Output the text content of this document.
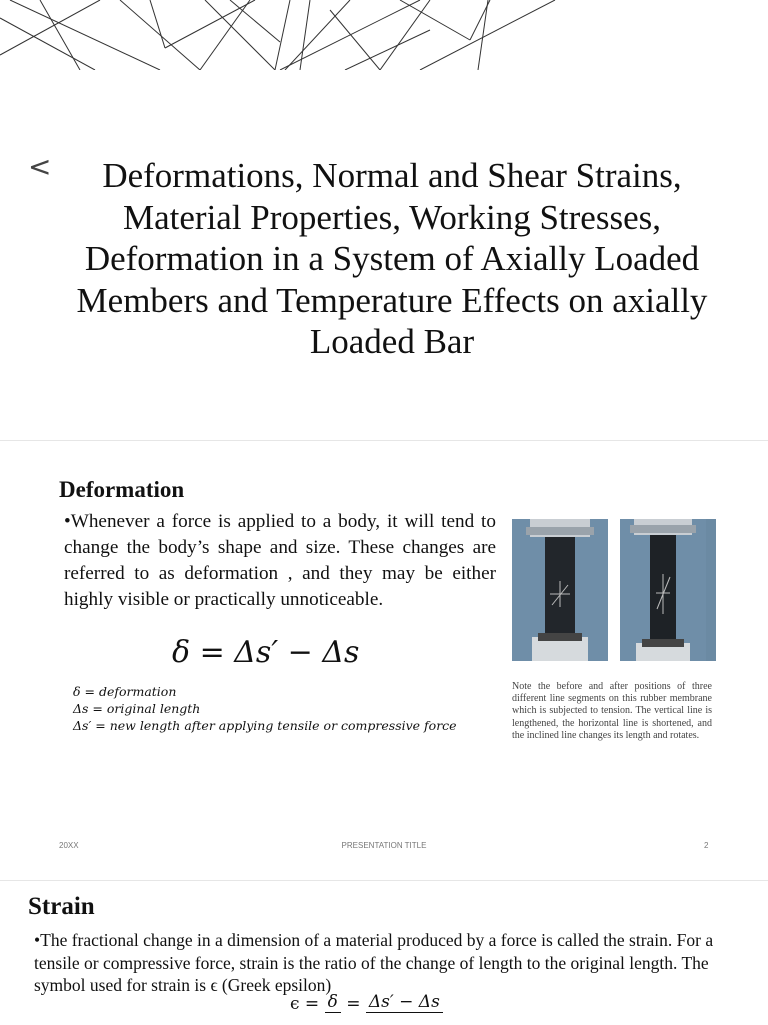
<	Deformations, Normal and Shear Strains, Material Properties, Working Stresses, Deformation in a System of Axially Loaded Members and Temperature Effects on axially Loaded Bar
Deformation
•Whenever a force is applied to a body, it will tend to change the body’s shape and size. These changes are referred to as deformation , and they may be either highly visible or practically unnoticeable.
δ = Δs′ − Δs
δ = deformation
Δs = original length
Δs′ = new length after applying tensile or compressive force
Note the before and after positions of three different line segments on this rubber membrane which is subjected to tension. The vertical line is lengthened, the horizontal line is shortened, and the inclined line changes its length and rotates.
20XX	PRESENTATION TITLE	2
Strain
•The fractional change in a dimension of a material produced by a force is called the strain. For a tensile or compressive force, strain is the ratio of the change of length to the original length. The symbol used for strain is ϵ (Greek epsilon)
ϵ = δ = Δs′ − Δs
